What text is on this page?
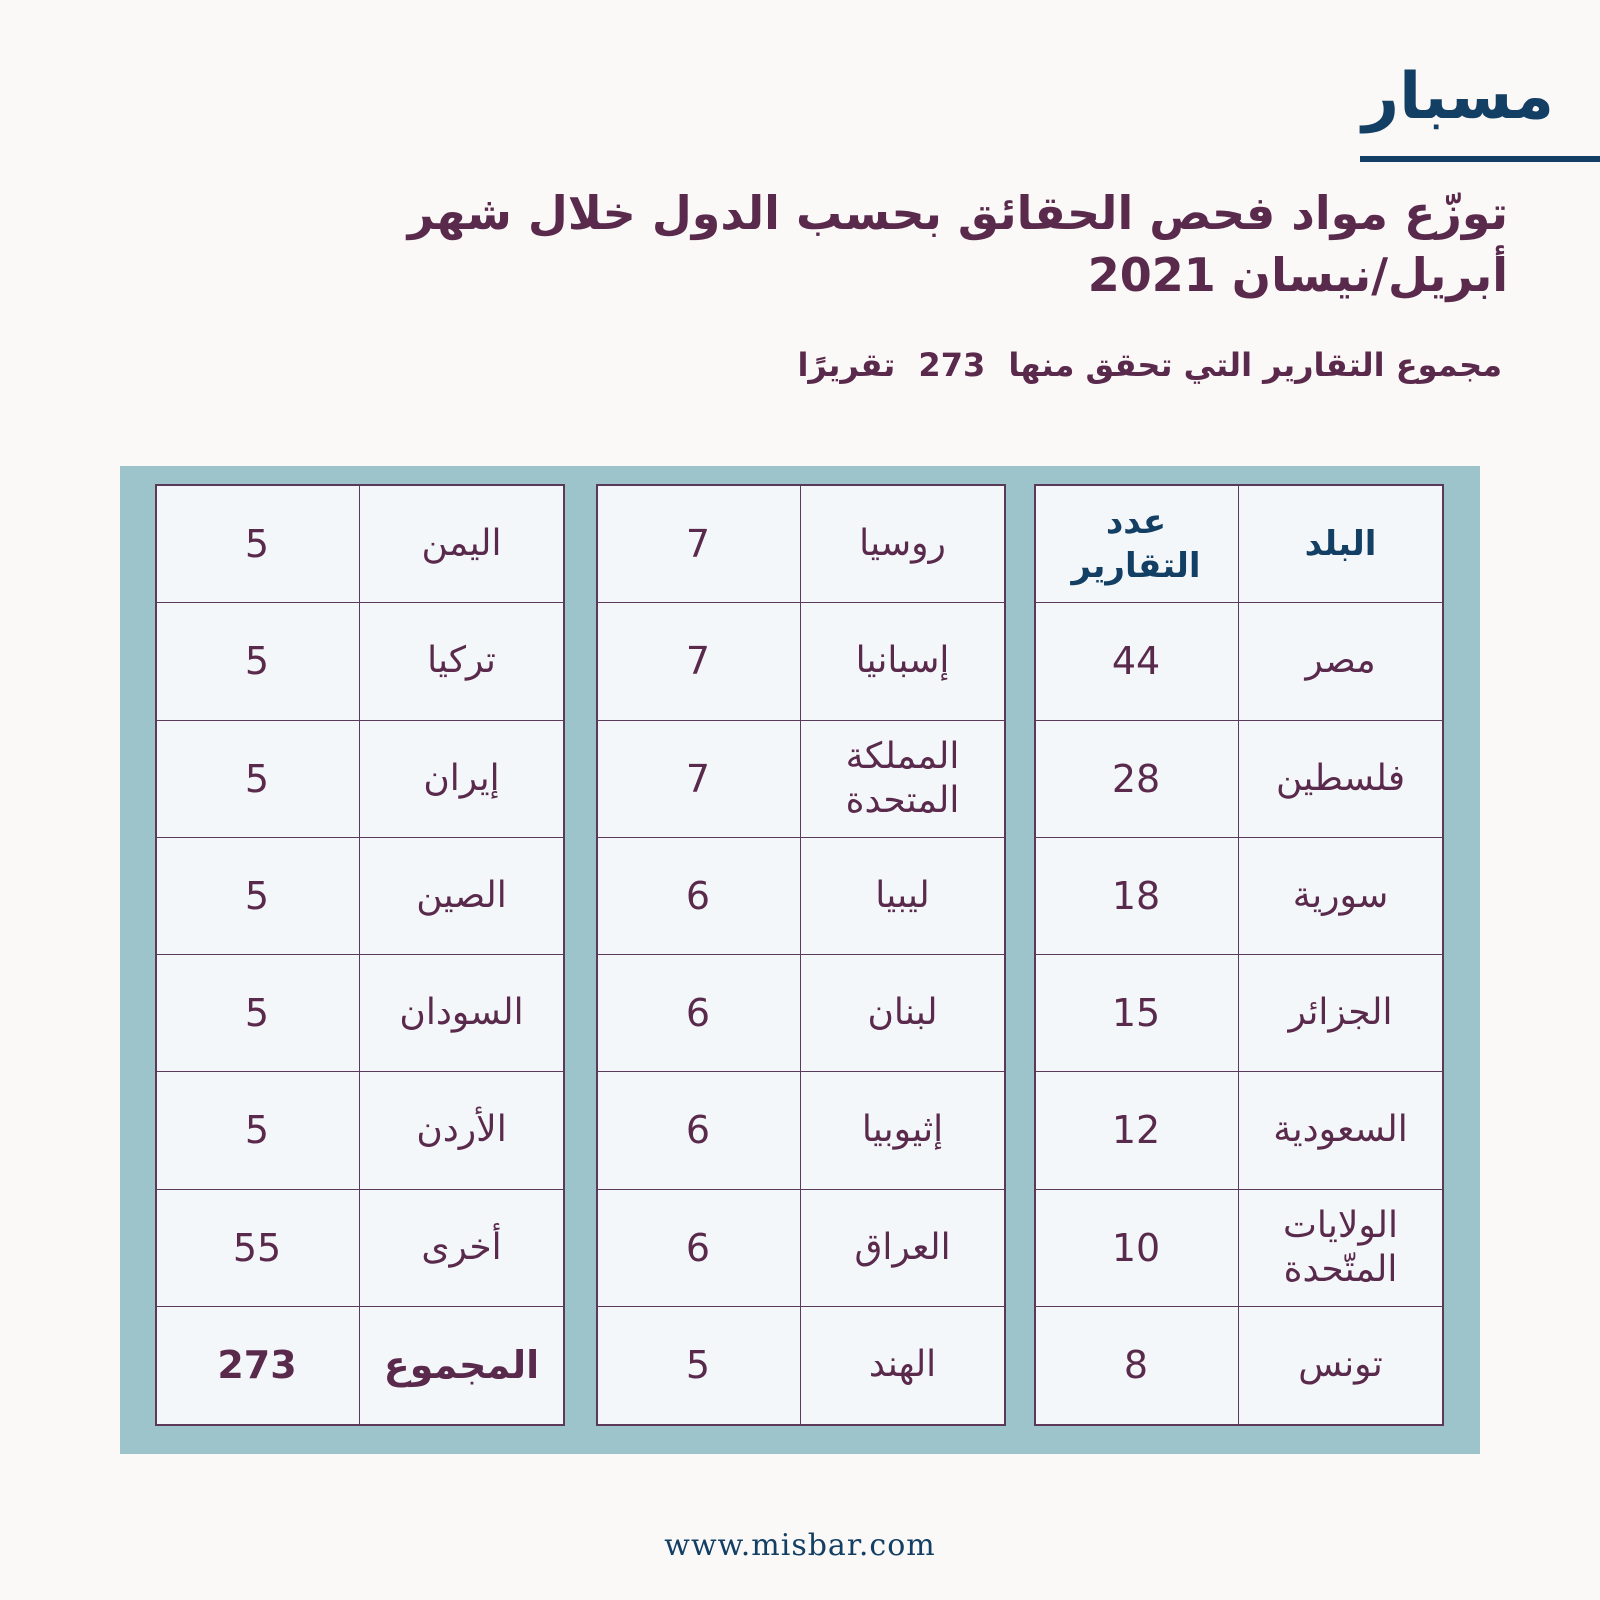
مسبار
توزّع مواد فحص الحقائق بحسب الدول خلال شهر أبريل/نيسان 2021
مجموع التقارير التي تحقق منها 273 تقريرًا
البلد
عدد التقارير
مصر
44
فلسطين
28
سورية
18
الجزائر
15
السعودية
12
الولايات المتّحدة
10
تونس
8
روسيا
7
إسبانيا
7
المملكة المتحدة
7
ليبيا
6
لبنان
6
إثيوبيا
6
العراق
6
الهند
5
اليمن
5
تركيا
5
إيران
5
الصين
5
السودان
5
الأردن
5
أخرى
55
المجموع
273
www.misbar.com
